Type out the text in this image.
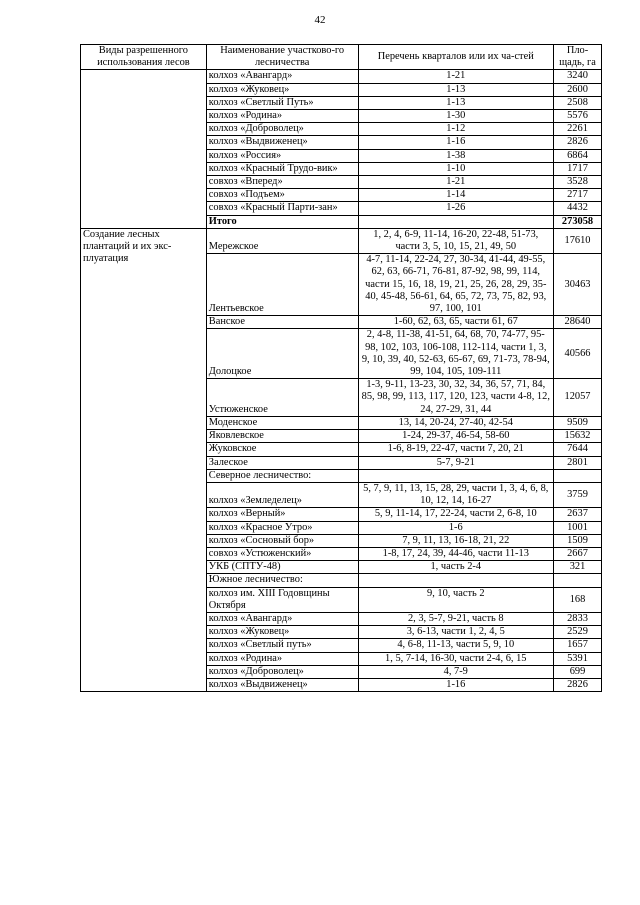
42
Виды разрешенного использования лесов	Наименование участково-го лесничества	Перечень кварталов или их ча-стей	Пло-щадь, га
	колхоз «Авангард»	1-21	3240
	колхоз «Жуковец»	1-13	2600
	колхоз «Светлый Путь»	1-13	2508
	колхоз «Родина»	1-30	5576
	колхоз «Доброволец»	1-12	2261
	колхоз «Выдвиженец»	1-16	2826
	колхоз «Россия»	1-38	6864
	колхоз «Красный Трудо-вик»	1-10	1717
	совхоз «Вперед»	1-21	3528
	совхоз «Подъем»	1-14	2717
	совхоз «Красный Парти-зан»	1-26	4432
	Итого		273058
Создание лесных плантаций и их экс-плуатация	Мережское	1, 2, 4, 6-9, 11-14, 16-20, 22-48, 51-73, части 3, 5, 10, 15, 21, 49, 50	17610
	Лентьевское	4-7, 11-14, 22-24, 27, 30-34, 41-44, 49-55, 62, 63, 66-71, 76-81, 87-92, 98, 99, 114, части 15, 16, 18, 19, 21, 25, 26, 28, 29, 35-40, 45-48, 56-61, 64, 65, 72, 73, 75, 82, 93, 97, 100, 101	30463
	Ванское	1-60, 62, 63, 65, части 61, 67	28640
	Долоцкое	2, 4-8, 11-38, 41-51, 64, 68, 70, 74-77, 95-98, 102, 103, 106-108, 112-114, части 1, 3, 9, 10, 39, 40, 52-63, 65-67, 69, 71-73, 78-94, 99, 104, 105, 109-111	40566
	Устюженское	1-3, 9-11, 13-23, 30, 32, 34, 36, 57, 71, 84, 85, 98, 99, 113, 117, 120, 123, части 4-8, 12, 24, 27-29, 31, 44	12057
	Моденское	13, 14, 20-24, 27-40, 42-54	9509
	Яковлевское	1-24, 29-37, 46-54, 58-60	15632
	Жуковское	1-6, 8-19, 22-47, части 7, 20, 21	7644
	Залеское	5-7, 9-21	2801
	Северное лесничество:		
	колхоз «Земледелец»	5, 7, 9, 11, 13, 15, 28, 29, части 1, 3, 4, 6, 8, 10, 12, 14, 16-27	3759
	колхоз «Верный»	5, 9, 11-14, 17, 22-24, части 2, 6-8, 10	2637
	колхоз «Красное Утро»	1-6	1001
	колхоз «Сосновый бор»	7, 9, 11, 13, 16-18, 21, 22	1509
	совхоз «Устюженский»	1-8, 17, 24, 39, 44-46, части 11-13	2667
	УКБ (СПТУ-48)	1, часть 2-4	321
	Южное лесничество:		
	колхоз им. XIII Годовщины Октября	9, 10, часть 2	168
	колхоз «Авангард»	2, 3, 5-7, 9-21, часть 8	2833
	колхоз «Жуковец»	3, 6-13, части 1, 2, 4, 5	2529
	колхоз «Светлый путь»	4, 6-8, 11-13, части 5, 9, 10	1657
	колхоз «Родина»	1, 5, 7-14, 16-30, части 2-4, 6, 15	5391
	колхоз «Доброволец»	4, 7-9	699
	колхоз «Выдвиженец»	1-16	2826
